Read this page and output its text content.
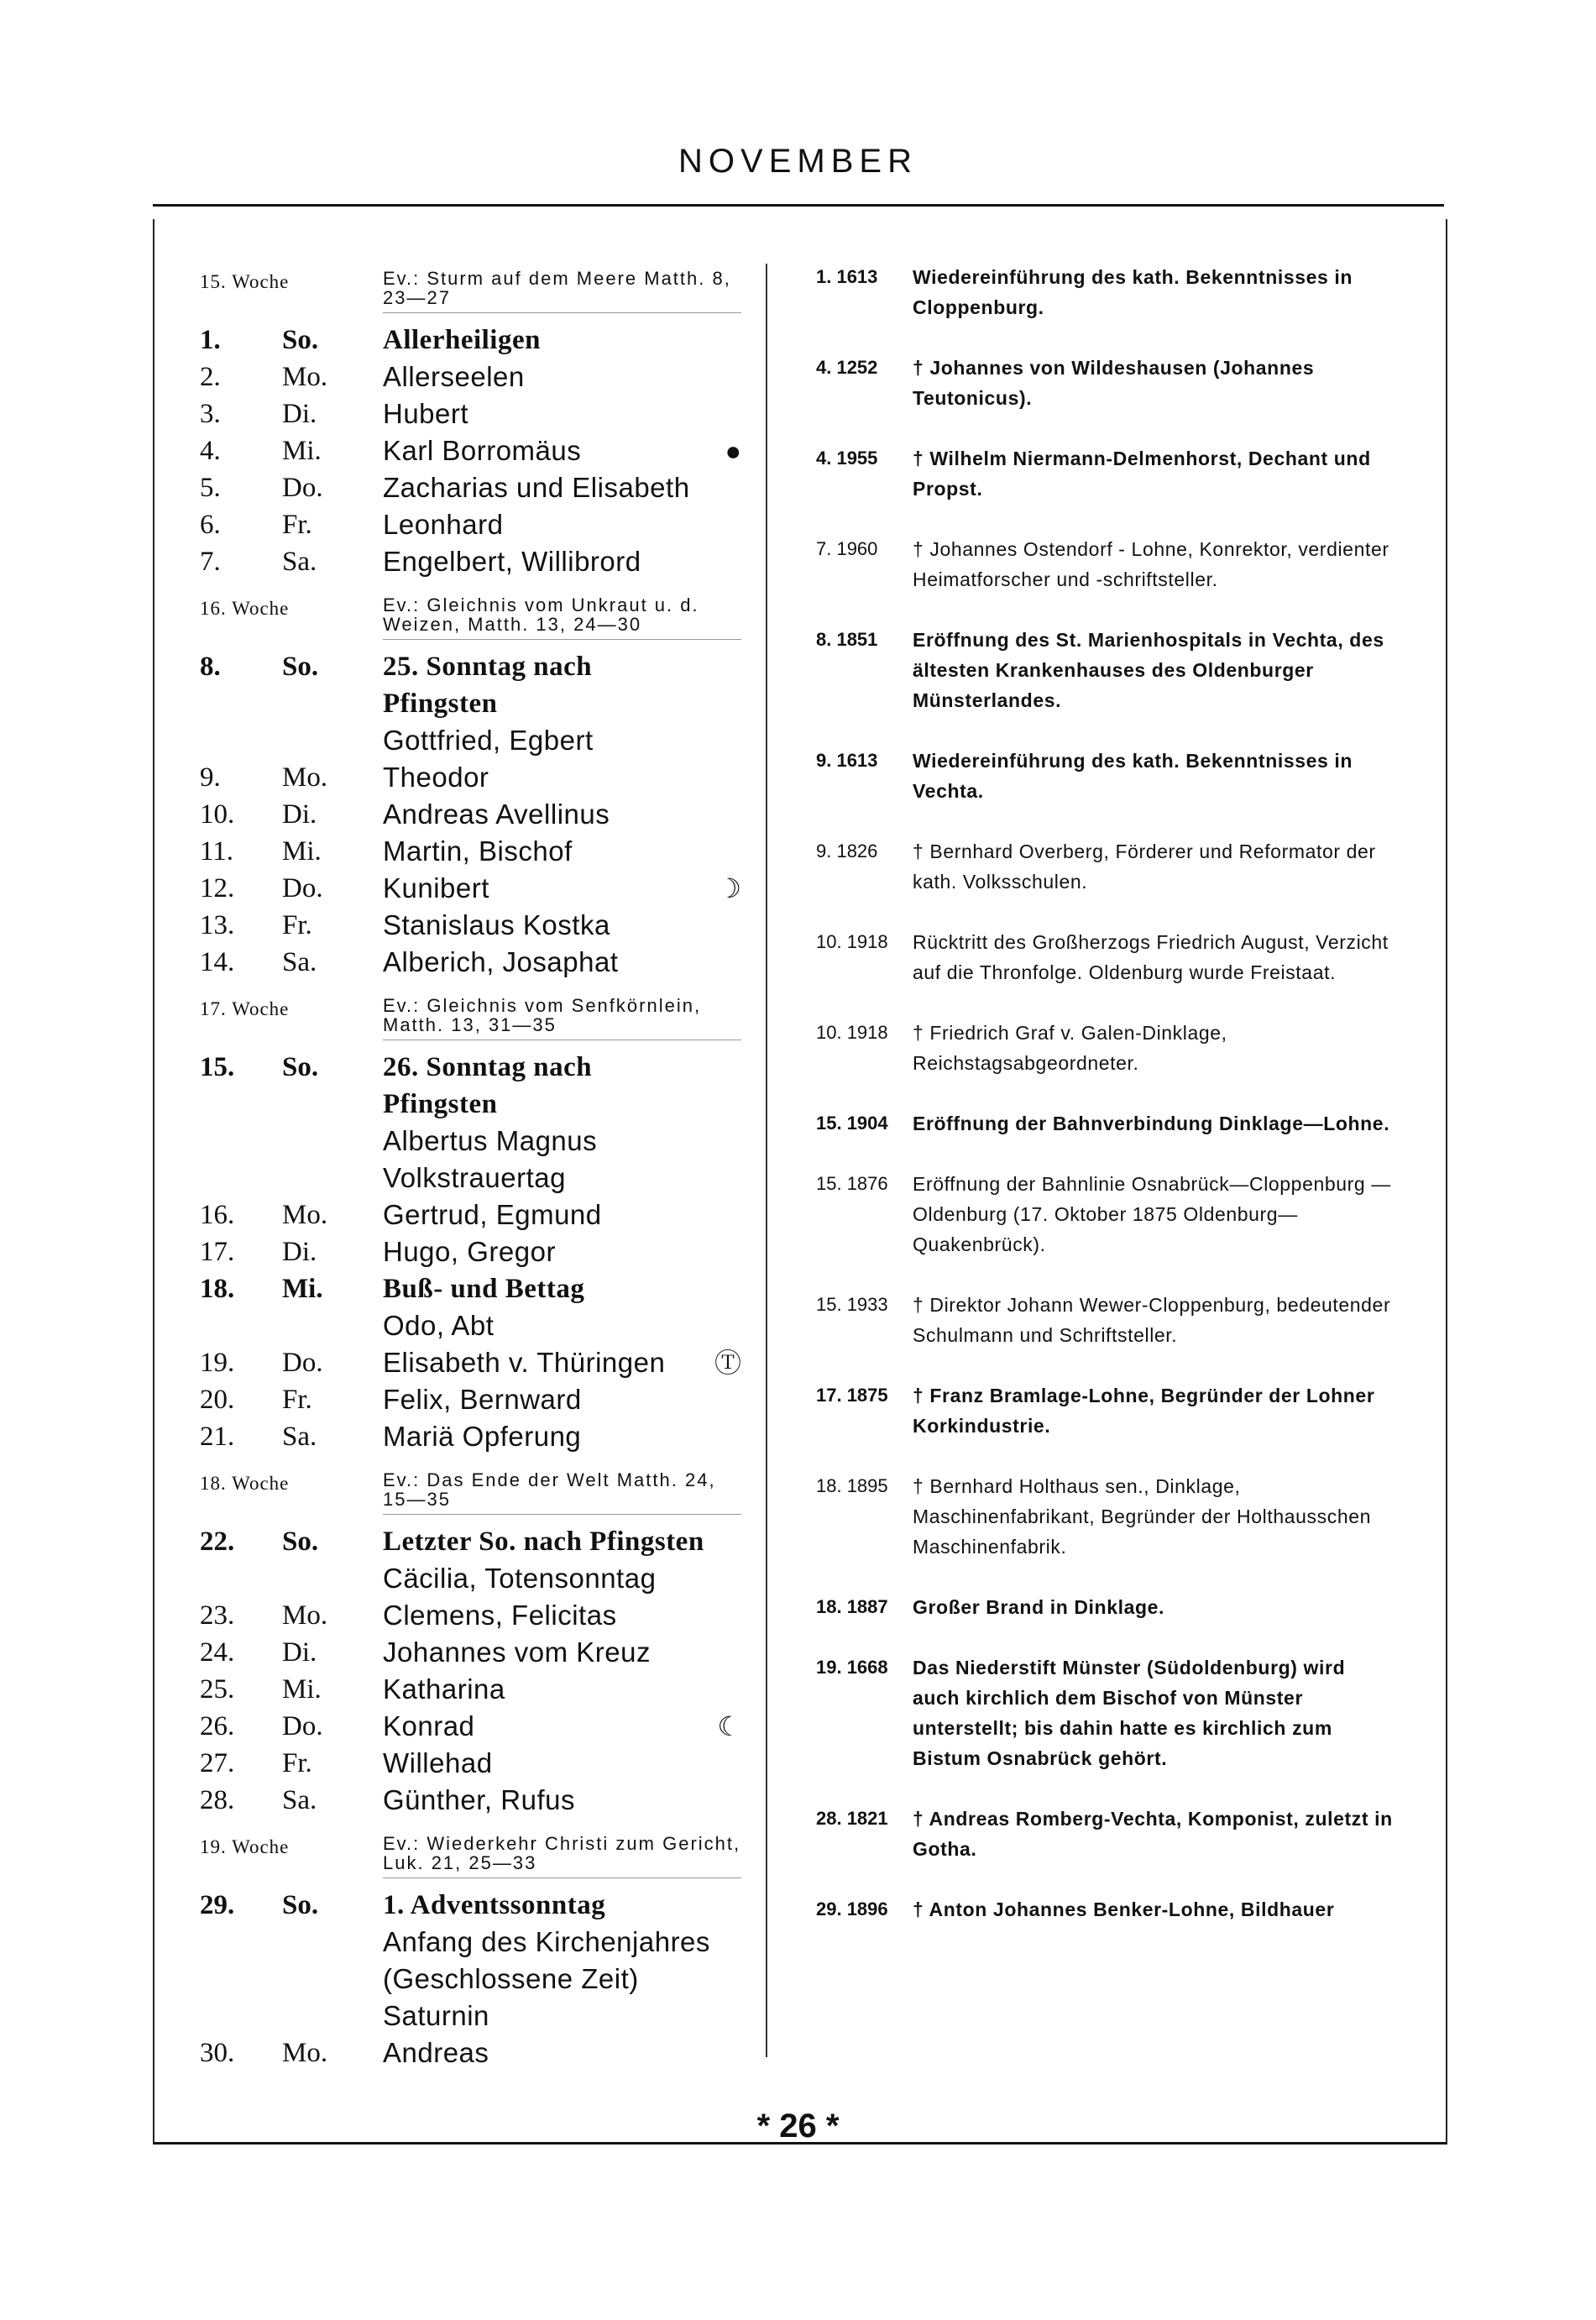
NOVEMBER
15. Woche	Ev.: Sturm auf dem Meere Matth. 8, 23—27
1.	So.	Allerheiligen
2.	Mo.	Allerseelen
3.	Di.	Hubert
4.	Mi.	Karl Borromäus	●
5.	Do.	Zacharias und Elisabeth
6.	Fr.	Leonhard
7.	Sa.	Engelbert, Willibrord
16. Woche	Ev.: Gleichnis vom Unkraut u. d. Weizen, Matth. 13, 24—30
8.	So.	25. Sonntag nach Pfingsten
Gottfried, Egbert
9.	Mo.	Theodor
10.	Di.	Andreas Avellinus
11.	Mi.	Martin, Bischof
12.	Do.	Kunibert	☽
13.	Fr.	Stanislaus Kostka
14.	Sa.	Alberich, Josaphat
17. Woche	Ev.: Gleichnis vom Senfkörnlein, Matth. 13, 31—35
15.	So.	26. Sonntag nach Pfingsten
Albertus Magnus
Volkstrauertag
16.	Mo.	Gertrud, Egmund
17.	Di.	Hugo, Gregor
18.	Mi.	Buß- und Bettag
Odo, Abt
19.	Do.	Elisabeth v. Thüringen	Ⓣ
20.	Fr.	Felix, Bernward
21.	Sa.	Mariä Opferung
18. Woche	Ev.: Das Ende der Welt Matth. 24, 15—35
22.	So.	Letzter So. nach Pfingsten
Cäcilia, Totensonntag
23.	Mo.	Clemens, Felicitas
24.	Di.	Johannes vom Kreuz
25.	Mi.	Katharina
26.	Do.	Konrad	☾
27.	Fr.	Willehad
28.	Sa.	Günther, Rufus
19. Woche	Ev.: Wiederkehr Christi zum Gericht, Luk. 21, 25—33
29.	So.	1. Adventssonntag
Anfang des Kirchenjahres
(Geschlossene Zeit)
Saturnin
30.	Mo.	Andreas
1. 1613	Wiedereinführung des kath. Bekenntnisses in Cloppenburg.
4. 1252	† Johannes von Wildeshausen (Johannes Teutonicus).
4. 1955	† Wilhelm Niermann-Delmenhorst, Dechant und Propst.
7. 1960	† Johannes Ostendorf - Lohne, Konrektor, verdienter Heimatforscher und -schriftsteller.
8. 1851	Eröffnung des St. Marienhospitals in Vechta, des ältesten Krankenhauses des Oldenburger Münsterlandes.
9. 1613	Wiedereinführung des kath. Bekenntnisses in Vechta.
9. 1826	† Bernhard Overberg, Förderer und Reformator der kath. Volksschulen.
10. 1918	Rücktritt des Großherzogs Friedrich August, Verzicht auf die Thronfolge. Oldenburg wurde Freistaat.
10. 1918	† Friedrich Graf v. Galen-Dinklage, Reichstagsabgeordneter.
15. 1904	Eröffnung der Bahnverbindung Dinklage—Lohne.
15. 1876	Eröffnung der Bahnlinie Osnabrück—Cloppenburg — Oldenburg (17. Oktober 1875 Oldenburg—Quakenbrück).
15. 1933	† Direktor Johann Wewer-Cloppenburg, bedeutender Schulmann und Schriftsteller.
17. 1875	† Franz Bramlage-Lohne, Begründer der Lohner Korkindustrie.
18. 1895	† Bernhard Holthaus sen., Dinklage, Maschinenfabrikant, Begründer der Holthausschen Maschinenfabrik.
18. 1887	Großer Brand in Dinklage.
19. 1668	Das Niederstift Münster (Südoldenburg) wird auch kirchlich dem Bischof von Münster unterstellt; bis dahin hatte es kirchlich zum Bistum Osnabrück gehört.
28. 1821	† Andreas Romberg-Vechta, Komponist, zuletzt in Gotha.
29. 1896	† Anton Johannes Benker-Lohne, Bildhauer
* 26 *
